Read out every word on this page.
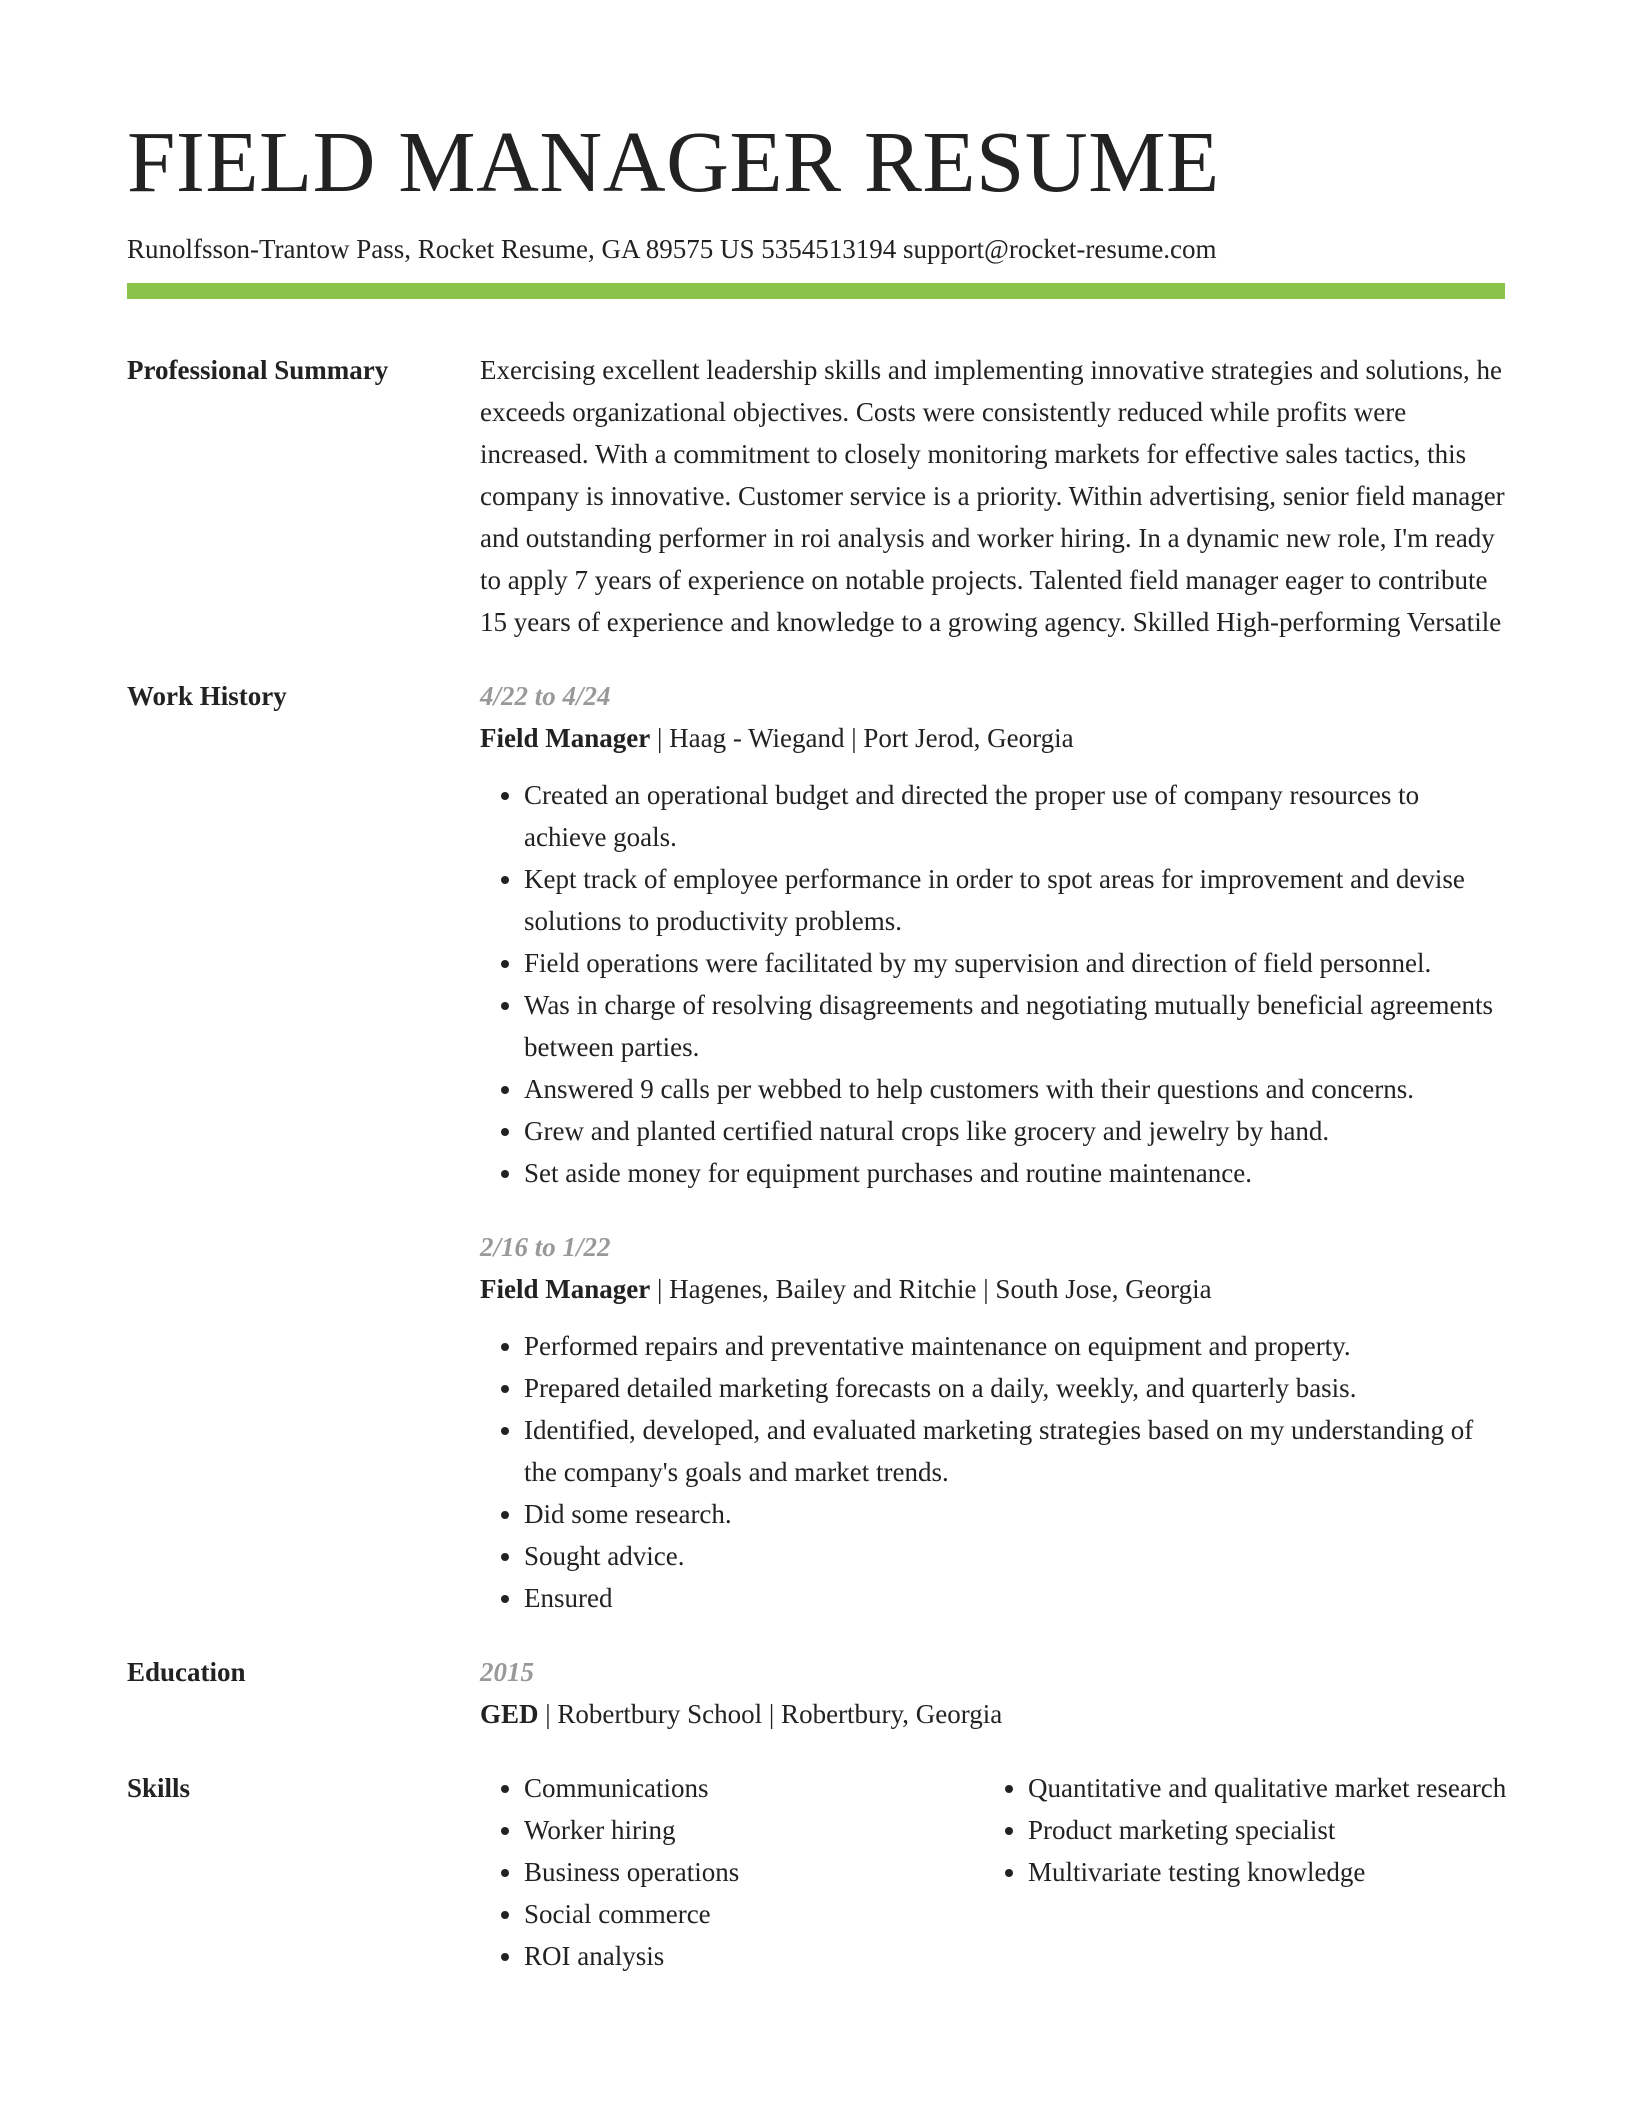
FIELD MANAGER RESUME
Runolfsson-Trantow Pass, Rocket Resume, GA 89575 US 5354513194 support@rocket-resume.com
Professional Summary	Exercising excellent leadership skills and implementing innovative strategies and solutions, he exceeds organizational objectives. Costs were consistently reduced while profits were increased. With a commitment to closely monitoring markets for effective sales tactics, this company is innovative. Customer service is a priority. Within advertising, senior field manager and outstanding performer in roi analysis and worker hiring. In a dynamic new role, I'm ready to apply 7 years of experience on notable projects. Talented field manager eager to contribute 15 years of experience and knowledge to a growing agency. Skilled High-performing Versatile
Work History	4/22 to 4/24
Field Manager | Haag - Wiegand | Port Jerod, Georgia
• Created an operational budget and directed the proper use of company resources to achieve goals.
• Kept track of employee performance in order to spot areas for improvement and devise solutions to productivity problems.
• Field operations were facilitated by my supervision and direction of field personnel.
• Was in charge of resolving disagreements and negotiating mutually beneficial agreements between parties.
• Answered 9 calls per webbed to help customers with their questions and concerns.
• Grew and planted certified natural crops like grocery and jewelry by hand.
• Set aside money for equipment purchases and routine maintenance.
2/16 to 1/22
Field Manager | Hagenes, Bailey and Ritchie | South Jose, Georgia
• Performed repairs and preventative maintenance on equipment and property.
• Prepared detailed marketing forecasts on a daily, weekly, and quarterly basis.
• Identified, developed, and evaluated marketing strategies based on my understanding of the company's goals and market trends.
• Did some research.
• Sought advice.
• Ensured
Education	2015
GED | Robertbury School | Robertbury, Georgia
Skills
•	Communications
• Worker hiring
• Business operations
• Social commerce
• ROI analysis
• Quantitative and qualitative market research
• Product marketing specialist
• Multivariate testing knowledge
